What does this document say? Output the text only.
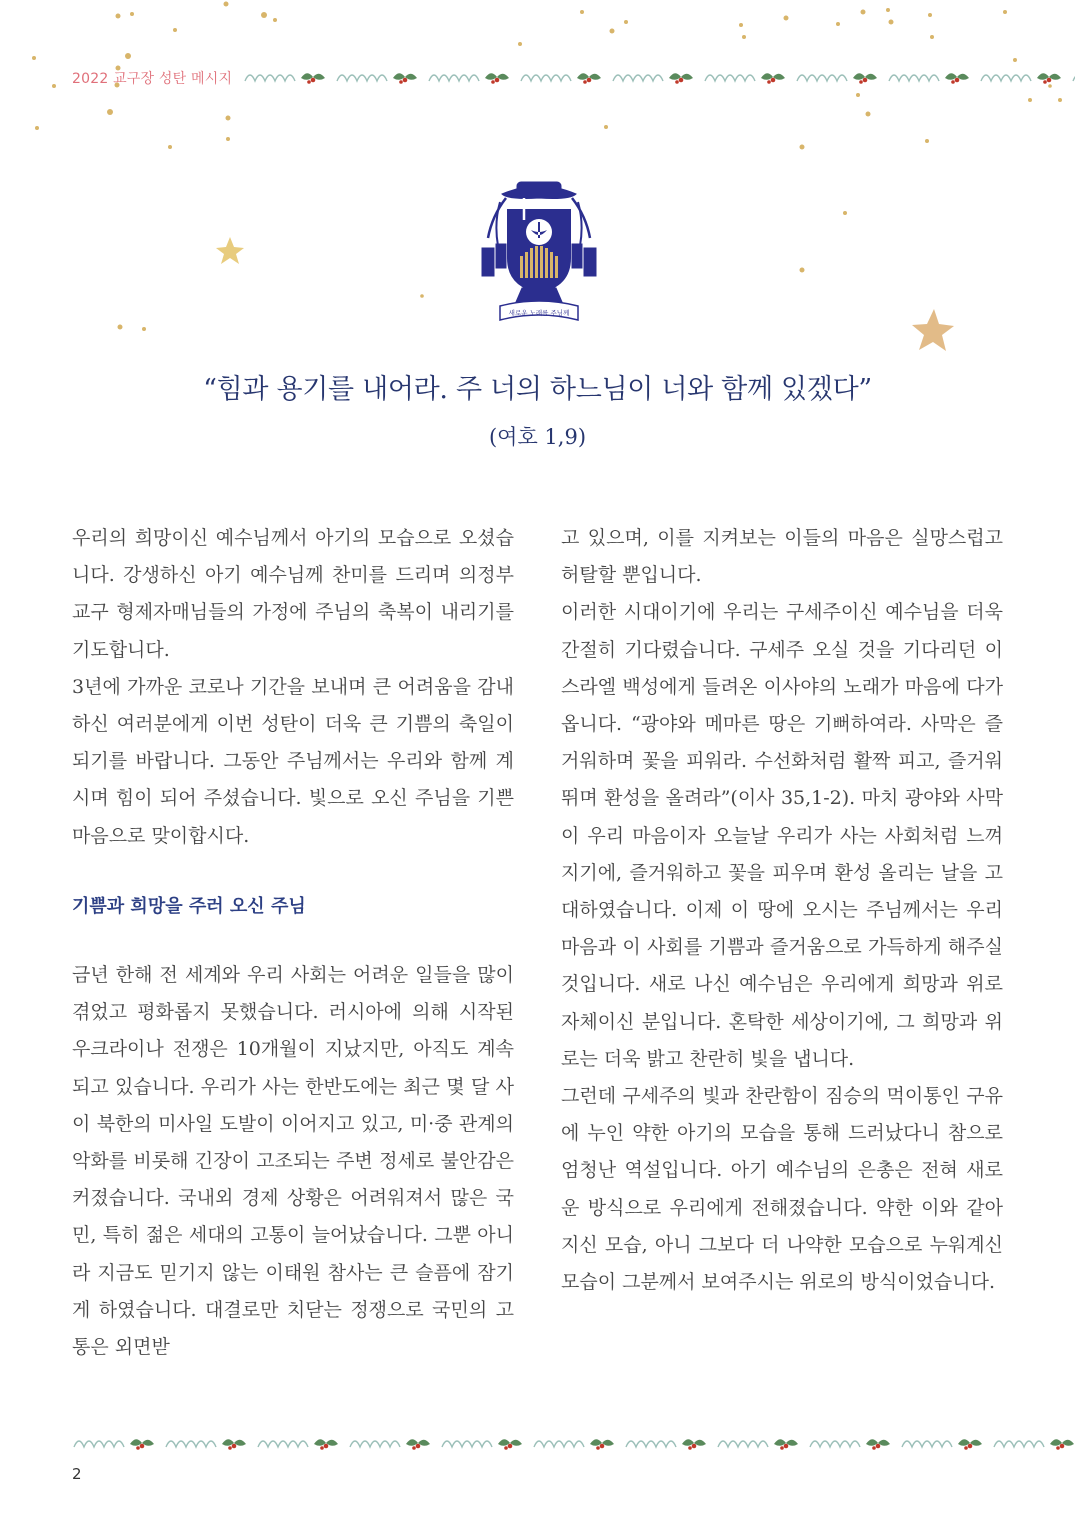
2022 교구장 성탄 메시지
새로운 노래를 주님께
“힘과 용기를 내어라. 주 너의 하느님이 너와 함께 있겠다”
(여호 1,9)

우리의 희망이신 예수님께서 아기의 모습으로 오셨습니다. 강생하신 아기 예수님께 찬미를 드리며 의정부교구 형제자매님들의 가정에 주님의 축복이 내리기를 기도합니다.

3년에 가까운 코로나 기간을 보내며 큰 어려움을 감내하신 여러분에게 이번 성탄이 더욱 큰 기쁨의 축일이 되기를 바랍니다. 그동안 주님께서는 우리와 함께 계시며 힘이 되어 주셨습니다. 빛으로 오신 주님을 기쁜 마음으로 맞이합시다.

기쁨과 희망을 주러 오신 주님

금년 한해 전 세계와 우리 사회는 어려운 일들을 많이 겪었고 평화롭지 못했습니다. 러시아에 의해 시작된 우크라이나 전쟁은 10개월이 지났지만, 아직도 계속되고 있습니다. 우리가 사는 한반도에는 최근 몇 달 사이 북한의 미사일 도발이 이어지고 있고, 미·중 관계의 악화를 비롯해 긴장이 고조되는 주변 정세로 불안감은 커졌습니다. 국내외 경제 상황은 어려워져서 많은 국민, 특히 젊은 세대의 고통이 늘어났습니다. 그뿐 아니라 지금도 믿기지 않는 이태원 참사는 큰 슬픔에 잠기게 하였습니다. 대결로만 치닫는 정쟁으로 국민의 고통은 외면받

고 있으며, 이를 지켜보는 이들의 마음은 실망스럽고 허탈할 뿐입니다.

이러한 시대이기에 우리는 구세주이신 예수님을 더욱 간절히 기다렸습니다. 구세주 오실 것을 기다리던 이스라엘 백성에게 들려온 이사야의 노래가 마음에 다가옵니다. “광야와 메마른 땅은 기뻐하여라. 사막은 즐거워하며 꽃을 피워라. 수선화처럼 활짝 피고, 즐거워 뛰며 환성을 올려라”(이사 35,1-2). 마치 광야와 사막이 우리 마음이자 오늘날 우리가 사는 사회처럼 느껴지기에, 즐거워하고 꽃을 피우며 환성 올리는 날을 고대하였습니다. 이제 이 땅에 오시는 주님께서는 우리 마음과 이 사회를 기쁨과 즐거움으로 가득하게 해주실 것입니다. 새로 나신 예수님은 우리에게 희망과 위로 자체이신 분입니다. 혼탁한 세상이기에, 그 희망과 위로는 더욱 밝고 찬란히 빛을 냅니다.

그런데 구세주의 빛과 찬란함이 짐승의 먹이통인 구유에 누인 약한 아기의 모습을 통해 드러났다니 참으로 엄청난 역설입니다. 아기 예수님의 은총은 전혀 새로운 방식으로 우리에게 전해졌습니다. 약한 이와 같아지신 모습, 아니 그보다 더 나약한 모습으로 누워계신 모습이 그분께서 보여주시는 위로의 방식이었습니다.

2
